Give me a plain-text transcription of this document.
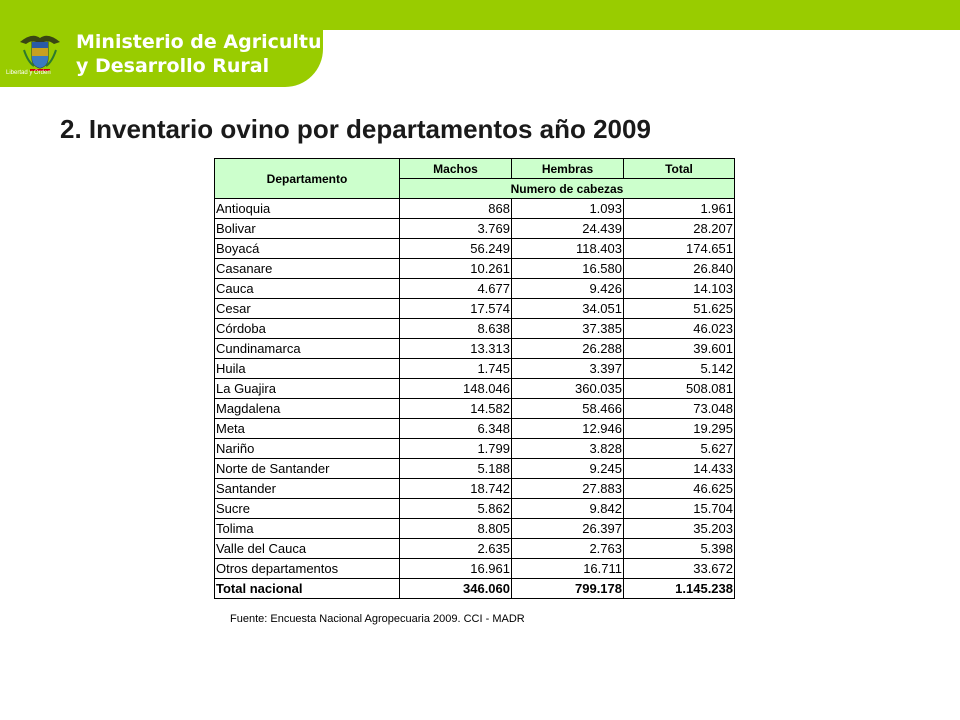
Libertad y Orden
Ministerio de Agricultura
y Desarrollo Rural
2. Inventario ovino por departamentos año 2009
Departamento	Machos	Hembras	Total
	Numero de cabezas		
Antioquia	868	1.093	1.961
Bolivar	3.769	24.439	28.207
Boyacá	56.249	118.403	174.651
Casanare	10.261	16.580	26.840
Cauca	4.677	9.426	14.103
Cesar	17.574	34.051	51.625
Córdoba	8.638	37.385	46.023
Cundinamarca	13.313	26.288	39.601
Huila	1.745	3.397	5.142
La Guajira	148.046	360.035	508.081
Magdalena	14.582	58.466	73.048
Meta	6.348	12.946	19.295
Nariño	1.799	3.828	5.627
Norte de Santander	5.188	9.245	14.433
Santander	18.742	27.883	46.625
Sucre	5.862	9.842	15.704
Tolima	8.805	26.397	35.203
Valle del Cauca	2.635	2.763	5.398
Otros departamentos	16.961	16.711	33.672
Total nacional	346.060	799.178	1.145.238
Fuente: Encuesta Nacional Agropecuaria 2009. CCI - MADR
